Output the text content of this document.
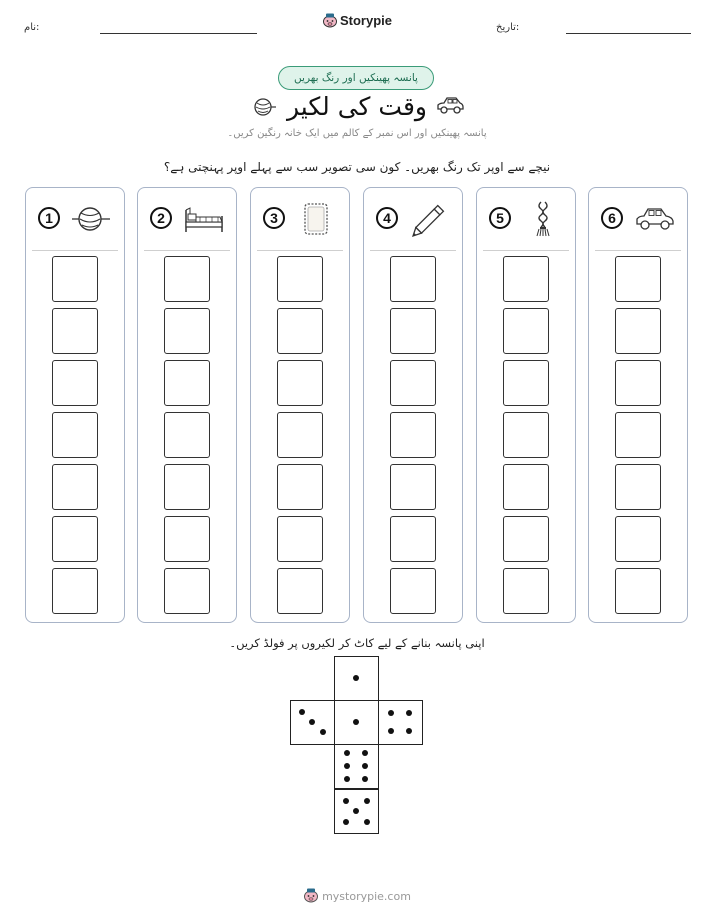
نام:	تاریخ:
Storypie
پانسہ پھینکیں اور رنگ بھریں
وقت کی لکیر
پانسہ پھینکیں اور اس نمبر کے کالم میں ایک خانہ رنگین کریں۔
نیچے سے اوپر تک رنگ بھریں۔ کون سی تصویر سب سے پہلے اوپر پہنچتی ہے؟
1	2	3	4	5	6
اپنی پانسہ بنانے کے لیے کاٹ کر لکیروں پر فولڈ کریں۔
mystorypie.com
